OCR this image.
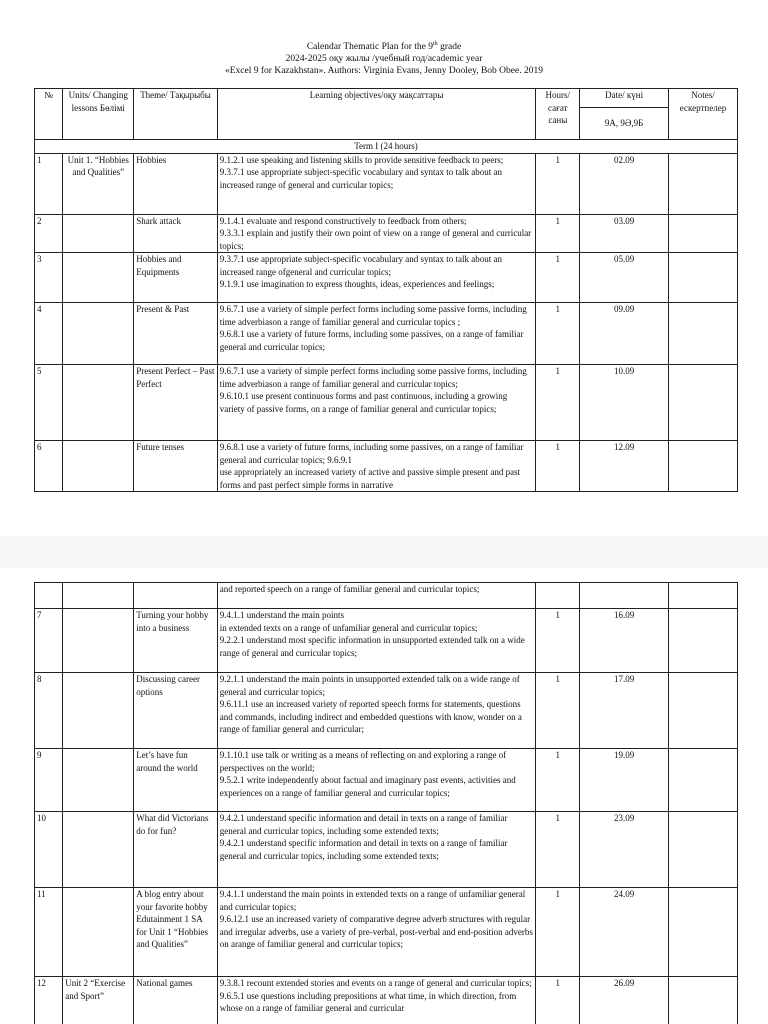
Calendar Thematic Plan for the 9th grade
2024-2025 оқу жылы /учебный год/academic year
«Excel 9 for Kazakhstan». Authors: Virginia Evans, Jenny Dooley, Bob Obee. 2019
№	Units/ Changing lessons Бөлімі	Theme/ Тақырыбы	Learning objectives/оқу мақсаттары	Hours/ сағат саны	Date/ күні	Notes/ ескертпелер
					9А, 9Ә,9Б	
Term I (24 hours)						
1	Unit 1. “Hobbies and Qualities”	Hobbies	9.1.2.1 use speaking and listening skills to provide sensitive feedback to peers;
9.3.7.1 use appropriate subject-specific vocabulary and syntax to talk about an increased range of general and curricular topics;	1	02.09	
2		Shark attack	9.1.4.1 evaluate and respond constructively to feedback from others;
9.3.3.1 explain and justify their own point of view on a range of general and curricular topics;	1	03.09	
3		Hobbies and Equipments	9.3.7.1 use appropriate subject-specific vocabulary and syntax to talk about an increased range ofgeneral and curricular topics;
9.1.9.1 use imagination to express thoughts, ideas, experiences and feelings;	1	05.09	
4		Present & Past	9.6.7.1 use a variety of simple perfect forms including some passive forms, including time adverbiason a range of familiar general and curricular topics ;
9.6.8.1 use a variety of future forms, including some passives, on a range of familiar general and curricular topics;	1	09.09	
5		Present Perfect – Past Perfect	9.6.7.1 use a variety of simple perfect forms including some passive forms, including time adverbiason a range of familiar general and curricular topics;
9.6.10.1 use present continuous forms and past continuous, including a growing variety of passive forms, on a range of familiar general and curricular topics;	1	10.09	
6		Future tenses	9.6.8.1 use a variety of future forms, including some passives, on a range of familiar general and curricular topics; 9.6.9.1
use appropriately an increased variety of active and passive simple present and past forms and past perfect simple forms in narrative	1	12.09	
			and reported speech on a range of familiar general and curricular topics;			
7		Turning your hobby into a business	9.4.1.1 understand the main points
in extended texts on a range of unfamiliar general and curricular topics;
9.2.2.1 understand most specific information in unsupported extended talk on a wide range of general and curricular topics;	1	16.09	
8		Discussing career options	9.2.1.1 understand the main points in unsupported extended talk on a wide range of general and curricular topics;
9.6.11.1 use an increased variety of reported speech forms for statements, questions and commands, including indirect and embedded questions with know, wonder on a range of familiar general and curricular;	1	17.09	
9		Let’s have fun around the world	9.1.10.1 use talk or writing as a means of reflecting on and exploring a range of perspectives on the world;
9.5.2.1 write independently about factual and imaginary past events, activities and experiences on a range of familiar general and curricular topics;	1	19.09	
10		What did Victorians do for fun?	9.4.2.1 understand specific information and detail in texts on a range of familiar general and curricular topics, including some extended texts;
9.4.2.1 understand specific information and detail in texts on a range of familiar general and curricular topics, including some extended texts;	1	23.09	
11		A blog entry about your favorite hobby Edutainment 1 SA for Unit 1 “Hobbies and Qualities”	9.4.1.1 understand the main points in extended texts on a range of unfamiliar general and curricular topics;
9.6.12.1 use an increased variety of comparative degree adverb structures with regular and irregular adverbs, use a variety of pre-verbal, post-verbal and end-position adverbs on arange of familiar general and curricular topics;	1	24.09	
12	Unit 2 “Exercise and Sport”	National games	9.3.8.1 recount extended stories and events on a range of general and curricular topics;
9.6.5.1 use questions including prepositions at what time, in which direction, from whose on a range of familiar general and curricular	1	26.09	
